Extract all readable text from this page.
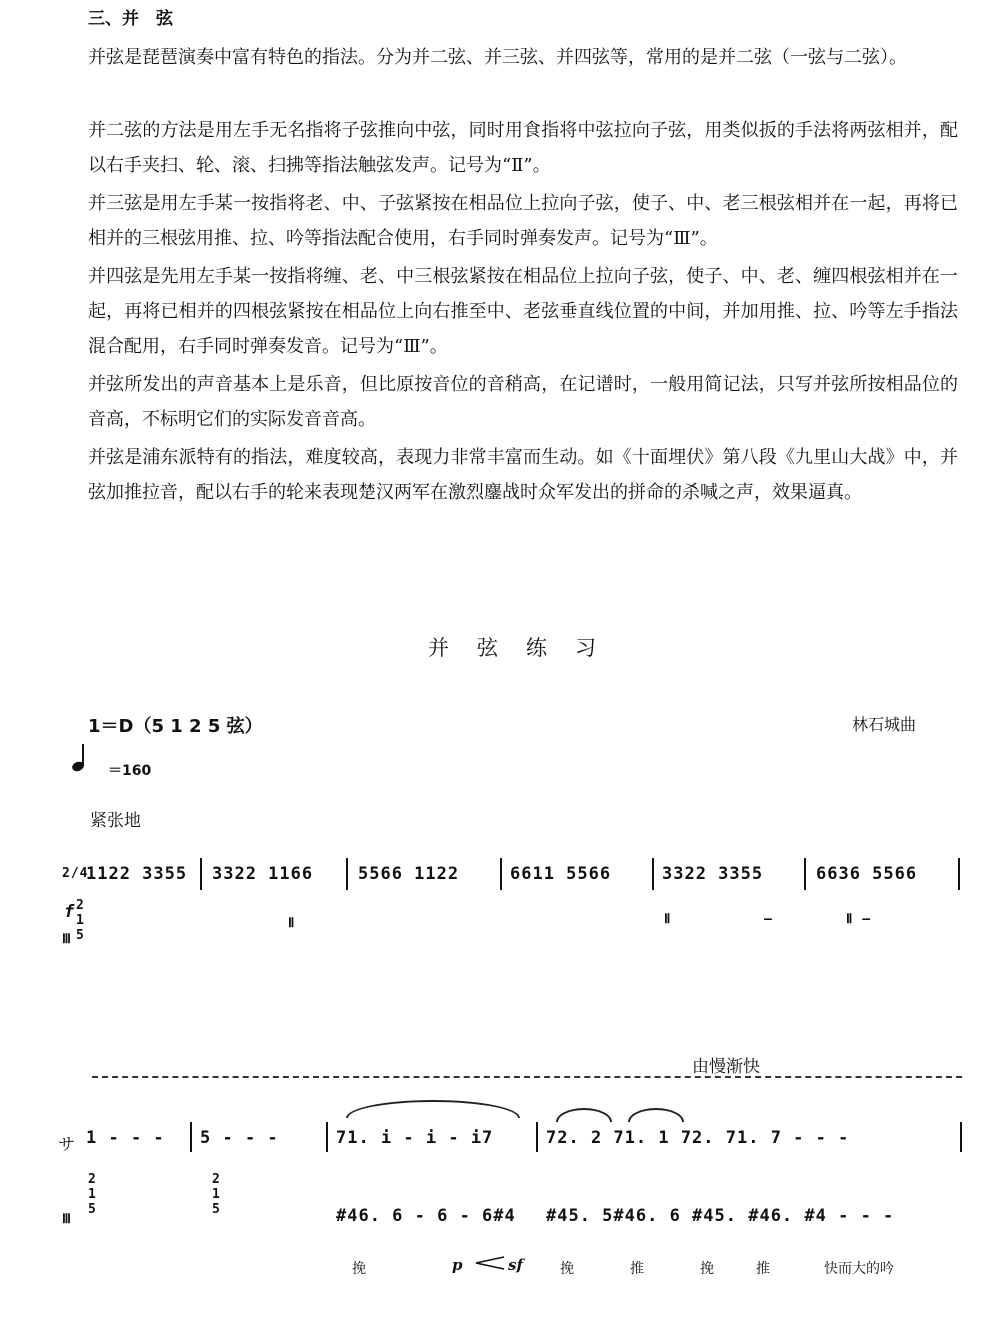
三、并　弦
并弦是琵琶演奏中富有特色的指法。分为并二弦、并三弦、并四弦等，常用的是并二弦（一弦与二弦）。
并二弦的方法是用左手无名指将子弦推向中弦，同时用食指将中弦拉向子弦，用类似扳的手法将两弦相并，配以右手夹扫、轮、滚、扫拂等指法触弦发声。记号为“Ⅱ”。
并三弦是用左手某一按指将老、中、子弦紧按在相品位上拉向子弦，使子、中、老三根弦相并在一起，再将已相并的三根弦用推、拉、吟等指法配合使用，右手同时弹奏发声。记号为“Ⅲ”。
并四弦是先用左手某一按指将缠、老、中三根弦紧按在相品位上拉向子弦，使子、中、老、缠四根弦相并在一起，再将已相并的四根弦紧按在相品位上向右推至中、老弦垂直线位置的中间，并加用推、拉、吟等左手指法混合配用，右手同时弹奏发音。记号为“Ⅲ”。
并弦所发出的声音基本上是乐音，但比原按音位的音稍高，在记谱时，一般用简记法，只写并弦所按相品位的音高，不标明它们的实际发音音高。
并弦是浦东派特有的指法，难度较高，表现力非常丰富而生动。如《十面埋伏》第八段《九里山大战》中，并弦加推拉音，配以右手的轮来表现楚汉两军在激烈鏖战时众军发出的拼命的杀喊之声，效果逼真。
并弦练习
1＝D（5 1 2 5 弦）	林石城曲
＝160
紧张地
2/4
f
Ⅲ
2 1 5
1122 3355 3322 1166	5566 1122	6611 5566	3322 3355	6636 5566
Ⅱ	Ⅱ	—	Ⅱ —
由慢渐快
サ 1 - - - 5 - - -	71. i - i - i7	72. 2 71. 1 72. 71. 7 - - -
Ⅲ
2 1 5
2 1 5	#46. 6 - 6 - 6#4 #45. 5#46. 6 #45. #46. #4 - - -
挽	p	sf	挽	推	挽	推	快而大的吟
